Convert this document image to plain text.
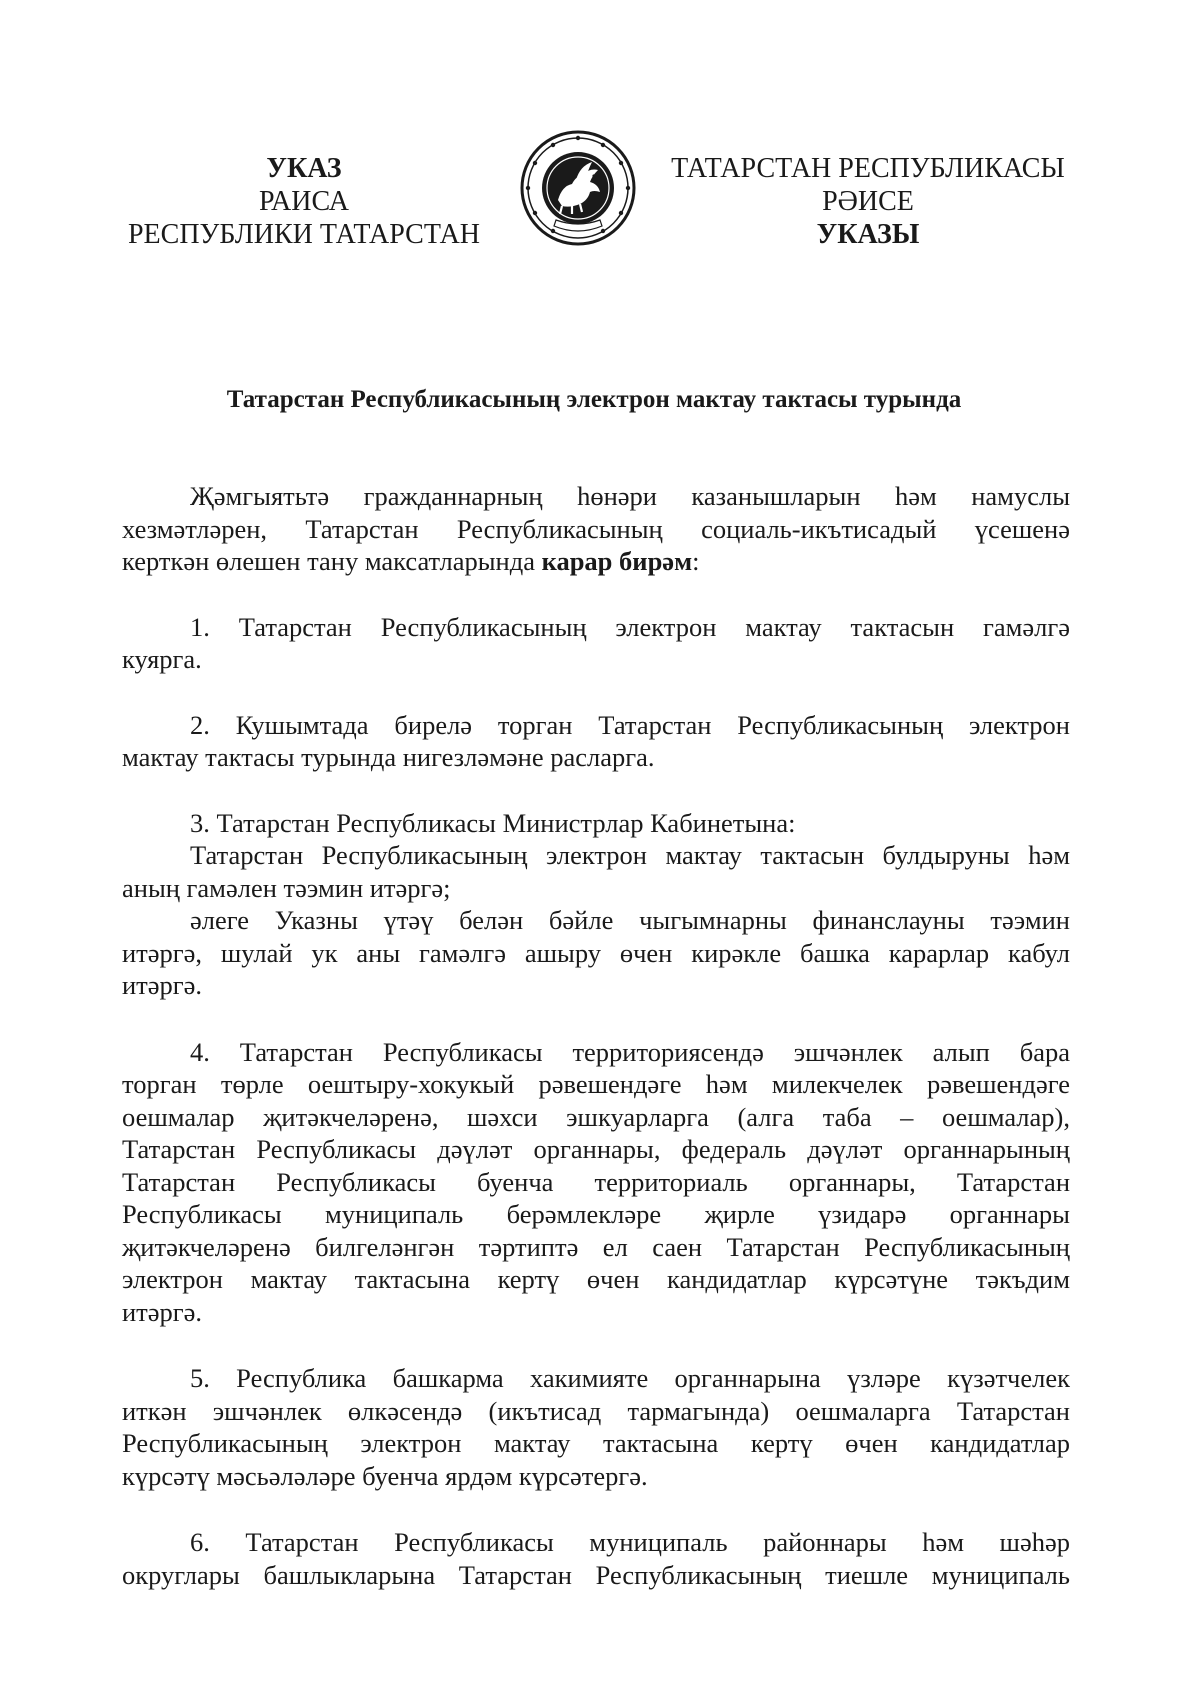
УКАЗ
РАИСА
РЕСПУБЛИКИ ТАТАРСТАН
ТАТАРСТАН РЕСПУБЛИКАСЫ
РӘИСЕ
УКАЗЫ
Татарстан Республикасының электрон мактау тактасы турында
Җәмгыятьтә гражданнарның һөнәри казанышларын һәм намуслы
хезмәтләрен, Татарстан Республикасының социаль-икътисадый үсешенә
керткән өлешен тану максатларында карар бирәм:
1. Татарстан Республикасының электрон мактау тактасын гамәлгә
куярга.
2. Кушымтада бирелә торган Татарстан Республикасының электрон
мактау тактасы турында нигезләмәне расларга.
3. Татарстан Республикасы Министрлар Кабинетына:
Татарстан Республикасының электрон мактау тактасын булдыруны һәм
аның гамәлен тәэмин итәргә;
әлеге Указны үтәү белән бәйле чыгымнарны финанслауны тәэмин
итәргә, шулай ук аны гамәлгә ашыру өчен кирәкле башка карарлар кабул
итәргә.
4. Татарстан Республикасы территориясендә эшчәнлек алып бара
торган төрле оештыру-хокукый рәвешендәге һәм милекчелек рәвешендәге
оешмалар җитәкчеләренә, шәхси эшкуарларга (алга таба – оешмалар),
Татарстан Республикасы дәүләт органнары, федераль дәүләт органнарының
Татарстан Республикасы буенча территориаль органнары, Татарстан
Республикасы муниципаль берәмлекләре җирле үзидарә органнары
җитәкчеләренә билгеләнгән тәртиптә ел саен Татарстан Республикасының
электрон мактау тактасына кертү өчен кандидатлар күрсәтүне тәкъдим
итәргә.
5. Республика башкарма хакимияте органнарына үзләре күзәтчелек
иткән эшчәнлек өлкәсендә (икътисад тармагында) оешмаларга Татарстан
Республикасының электрон мактау тактасына кертү өчен кандидатлар
күрсәтү мәсьәләләре буенча ярдәм күрсәтергә.
6. Татарстан Республикасы муниципаль районнары һәм шәһәр
округлары башлыкларына Татарстан Республикасының тиешле муниципаль
